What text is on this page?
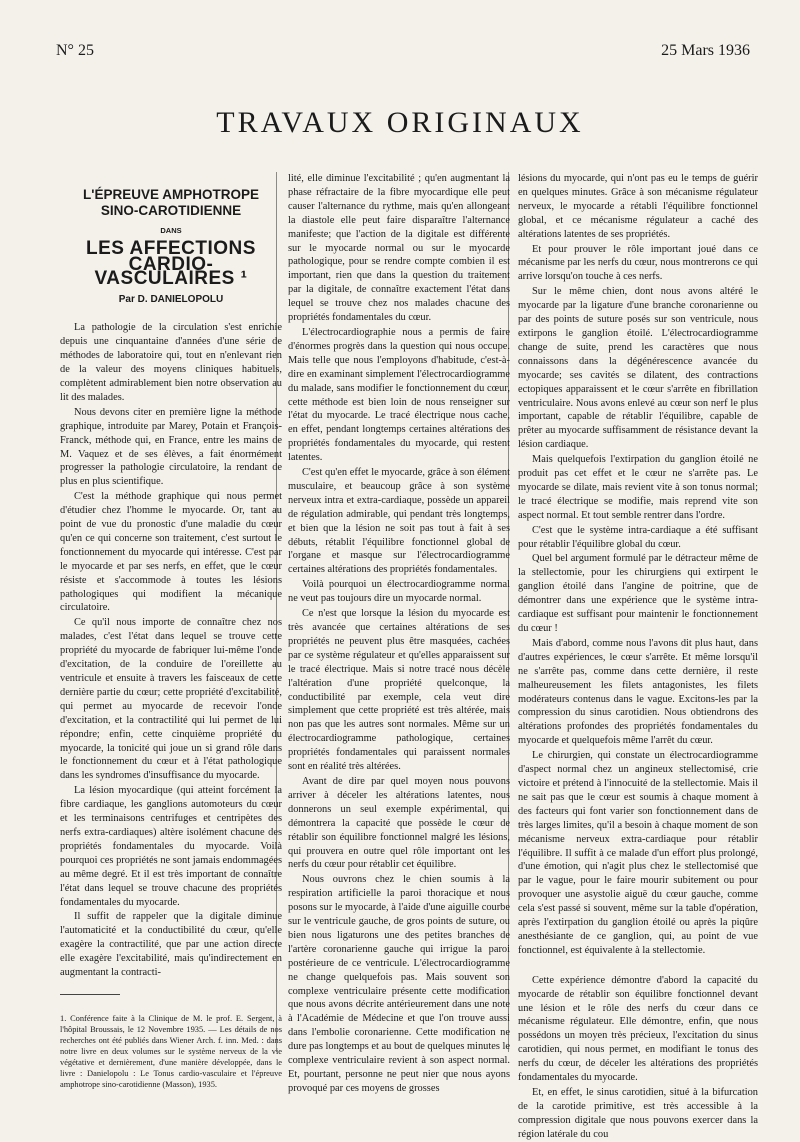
N° 25	25 Mars 1936
TRAVAUX ORIGINAUX
L'ÉPREUVE AMPHOTROPE
SINO-CAROTIDIENNE
DANS
LES AFFECTIONS
CARDIO-VASCULAIRES ¹
Par D. DANIELOPOLU

La pathologie de la circulation s'est enrichie depuis une cinquantaine d'années d'une série de méthodes de laboratoire qui, tout en n'enlevant rien de la valeur des moyens cliniques habituels, complètent admirablement bien notre observation au lit des malades.

Nous devons citer en première ligne la méthode graphique, introduite par Marey, Potain et François-Franck, méthode qui, en France, entre les mains de M. Vaquez et de ses élèves, a fait énormément progresser la pathologie circulatoire, la rendant de plus en plus scientifique.

C'est la méthode graphique qui nous permet d'étudier chez l'homme le myocarde. Or, tant au point de vue du pronostic d'une maladie du cœur qu'en ce qui concerne son traitement, c'est surtout le fonctionnement du myocarde qui intéresse. C'est par le myocarde et par ses nerfs, en effet, que le cœur résiste et s'accommode à toutes les lésions pathologiques qui modifient la mécanique circulatoire.

Ce qu'il nous importe de connaître chez nos malades, c'est l'état dans lequel se trouve cette propriété du myocarde de fabriquer lui-même l'onde d'excitation, de la conduire de l'oreillette au ventricule et ensuite à travers les faisceaux de cette dernière partie du cœur; cette propriété d'excitabilité, qui permet au myocarde de recevoir l'onde d'excitation, et la contractilité qui lui permet de lui répondre; enfin, cette cinquième propriété du myocarde, la tonicité qui joue un si grand rôle dans le fonctionnement du cœur et à l'état pathologique dans les syndromes d'insuffisance du myocarde.

La lésion myocardique (qui atteint forcément la fibre cardiaque, les ganglions automoteurs du cœur et les terminaisons centrifuges et centripètes des nerfs extra-cardiaques) altère isolément chacune des propriétés fondamentales du myocarde. Voilà pourquoi ces propriétés ne sont jamais endommagées au même degré. Et il est très important de connaître l'état dans lequel se trouve chacune des propriétés fondamentales du myocarde.

Il suffit de rappeler que la digitale diminue l'automaticité et la conductibilité du cœur, qu'elle exagère la contractilité, que par une action directe elle exagère l'excitabilité, mais qu'indirectement en augmentant la contracti-

1. Conférence faite à la Clinique de M. le prof. E. Sergent, à l'hôpital Broussais, le 12 Novembre 1935. — Les détails de nos recherches ont été publiés dans Wiener Arch. f. inn. Med. : dans notre livre en deux volumes sur le système nerveux de la vie végétative et dernièrement, d'une manière développée, dans le livre : Danielopolu : Le Tonus cardio-vasculaire et l'épreuve amphotrope sino-carotidienne (Masson), 1935.

lité, elle diminue l'excitabilité ; qu'en augmentant la phase réfractaire de la fibre myocardique elle peut causer l'alternance du rythme, mais qu'en allongeant la diastole elle peut faire disparaître l'alternance manifeste; que l'action de la digitale est différente sur le myocarde normal ou sur le myocarde pathologique, pour se rendre compte combien il est important, rien que dans la question du traitement par la digitale, de connaître exactement l'état dans lequel se trouve chez nos malades chacune des propriétés fondamentales du cœur.

L'électrocardiographie nous a permis de faire d'énormes progrès dans la question qui nous occupe. Mais telle que nous l'employons d'habitude, c'est-à-dire en examinant simplement l'électrocardiogramme du malade, sans modifier le fonctionnement du cœur, cette méthode est bien loin de nous renseigner sur l'état du myocarde. Le tracé électrique nous cache, en effet, pendant longtemps certaines altérations des propriétés fondamentales du myocarde, qui restent latentes.

C'est qu'en effet le myocarde, grâce à son élément musculaire, et beaucoup grâce à son système nerveux intra et extra-cardiaque, possède un appareil de régulation admirable, qui pendant très longtemps, et bien que la lésion ne soit pas tout à fait à ses débuts, rétablit l'équilibre fonctionnel global de l'organe et masque sur l'électrocardiogramme certaines altérations des propriétés fondamentales.

Voilà pourquoi un électrocardiogramme normal ne veut pas toujours dire un myocarde normal.

Ce n'est que lorsque la lésion du myocarde est très avancée que certaines altérations de ses propriétés ne peuvent plus être masquées, cachées par ce système régulateur et qu'elles apparaissent sur le tracé électrique. Mais si notre tracé nous décèle l'altération d'une propriété quelconque, la conductibilité par exemple, cela veut dire simplement que cette propriété est très altérée, mais non pas que les autres sont normales. Même sur un électrocardiogramme pathologique, certaines propriétés fondamentales qui paraissent normales sont en réalité très altérées.

Avant de dire par quel moyen nous pouvons arriver à déceler les altérations latentes, nous donnerons un seul exemple expérimental, qui démontrera la capacité que possède le cœur de rétablir son équilibre fonctionnel malgré les lésions, qui prouvera en outre quel rôle important ont les nerfs du cœur pour rétablir cet équilibre.

Nous ouvrons chez le chien soumis à la respiration artificielle la paroi thoracique et nous posons sur le myocarde, à l'aide d'une aiguille courbe sur le ventricule gauche, de gros points de suture, ou bien nous ligaturons une des petites branches de l'artère coronarienne gauche qui irrigue la paroi postérieure de ce ventricule. L'électrocardiogramme ne change quelquefois pas. Mais souvent son complexe ventriculaire présente cette modification que nous avons décrite antérieurement dans une note à l'Académie de Médecine et que l'on trouve aussi dans l'embolie coronarienne. Cette modification ne dure pas longtemps et au bout de quelques minutes le complexe ventriculaire revient à son aspect normal. Et, pourtant, personne ne peut nier que nous ayons provoqué par ces moyens de grosses

lésions du myocarde, qui n'ont pas eu le temps de guérir en quelques minutes. Grâce à son mécanisme régulateur nerveux, le myocarde a rétabli l'équilibre fonctionnel global, et ce mécanisme régulateur a caché des altérations latentes de ses propriétés.

Et pour prouver le rôle important joué dans ce mécanisme par les nerfs du cœur, nous montrerons ce qui arrive lorsqu'on touche à ces nerfs.

Sur le même chien, dont nous avons altéré le myocarde par la ligature d'une branche coronarienne ou par des points de suture posés sur son ventricule, nous extirpons le ganglion étoilé. L'électrocardiogramme change de suite, prend les caractères que nous connaissons dans la dégénérescence avancée du myocarde; ses cavités se dilatent, des contractions ectopiques apparaissent et le cœur s'arrête en fibrillation ventriculaire. Nous avons enlevé au cœur son nerf le plus important, capable de rétablir l'équilibre, capable de prêter au myocarde suffisamment de résistance devant la lésion cardiaque.

Mais quelquefois l'extirpation du ganglion étoilé ne produit pas cet effet et le cœur ne s'arrête pas. Le myocarde se dilate, mais revient vite à son tonus normal; le tracé électrique se modifie, mais reprend vite son aspect normal. Et tout semble rentrer dans l'ordre.

C'est que le système intra-cardiaque a été suffisant pour rétablir l'équilibre global du cœur.

Quel bel argument formulé par le détracteur même de la stellectomie, pour les chirurgiens qui extirpent le ganglion étoilé dans l'angine de poitrine, que de démontrer dans une expérience que le système intra-cardiaque est suffisant pour maintenir le fonctionnement du cœur !

Mais d'abord, comme nous l'avons dit plus haut, dans d'autres expériences, le cœur s'arrête. Et même lorsqu'il ne s'arrête pas, comme dans cette dernière, il reste malheureusement les filets antagonistes, les filets modérateurs contenus dans le vague. Excitons-les par la compression du sinus carotidien. Nous obtiendrons des altérations profondes des propriétés fondamentales du myocarde et quelquefois même l'arrêt du cœur.

Le chirurgien, qui constate un électrocardiogramme d'aspect normal chez un angineux stellectomisé, crie victoire et prétend à l'innocuité de la stellectomie. Mais il ne sait pas que le cœur est soumis à chaque moment à des facteurs qui font varier son fonctionnement dans de très larges limites, qu'il a besoin à chaque moment de son mécanisme nerveux extra-cardiaque pour rétablir l'équilibre. Il suffit à ce malade d'un effort plus prolongé, d'une émotion, qui n'agit plus chez le stellectomisé que par le vague, pour le faire mourir subitement ou pour provoquer une asystolie aiguë du cœur gauche, comme cela s'est passé si souvent, même sur la table d'opération, après l'extirpation du ganglion étoilé ou après la piqûre anesthésiante de ce ganglion, qui, au point de vue fonctionnel, est équivalente à la stellectomie.

Cette expérience démontre d'abord la capacité du myocarde de rétablir son équilibre fonctionnel devant une lésion et le rôle des nerfs du cœur dans ce mécanisme régulateur. Elle démontre, enfin, que nous possédons un moyen très précieux, l'excitation du sinus carotidien, qui nous permet, en modifiant le tonus des nerfs du cœur, de déceler les altérations des propriétés fondamentales du myocarde.

Et, en effet, le sinus carotidien, situé à la bifurcation de la carotide primitive, est très accessible à la compression digitale que nous pouvons exercer dans la région latérale du cou
